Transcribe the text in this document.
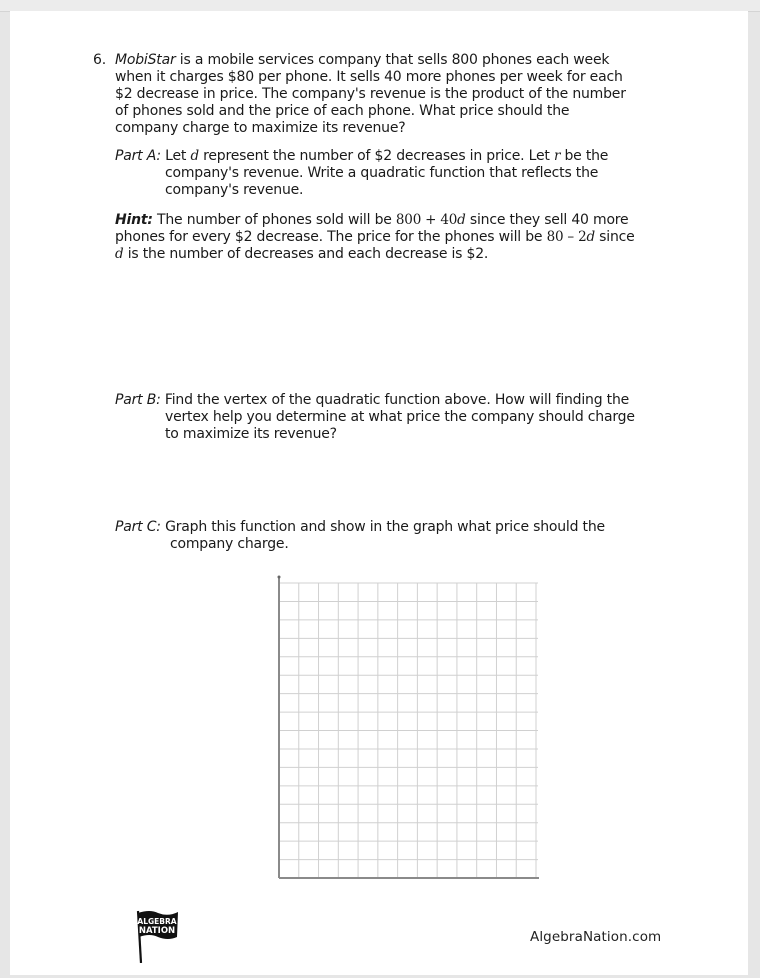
6. MobiStar is a mobile services company that sells 800 phones each week
when it charges $80 per phone. It sells 40 more phones per week for each
$2 decrease in price. The company's revenue is the product of the number
of phones sold and the price of each phone. What price should the
company charge to maximize its revenue?
Part A: Let d represent the number of $2 decreases in price. Let r be the
company's revenue. Write a quadratic function that reflects the
company's revenue.
Hint: The number of phones sold will be 800 + 40d since they sell 40 more
phones for every $2 decrease. The price for the phones will be 80 – 2d since
d is the number of decreases and each decrease is $2.
Part B: Find the vertex of the quadratic function above. How will finding the
vertex help you determine at what price the company should charge
to maximize its revenue?
Part C: Graph this function and show in the graph what price should the
company charge.
ALGEBRA
NATION	AlgebraNation.com
